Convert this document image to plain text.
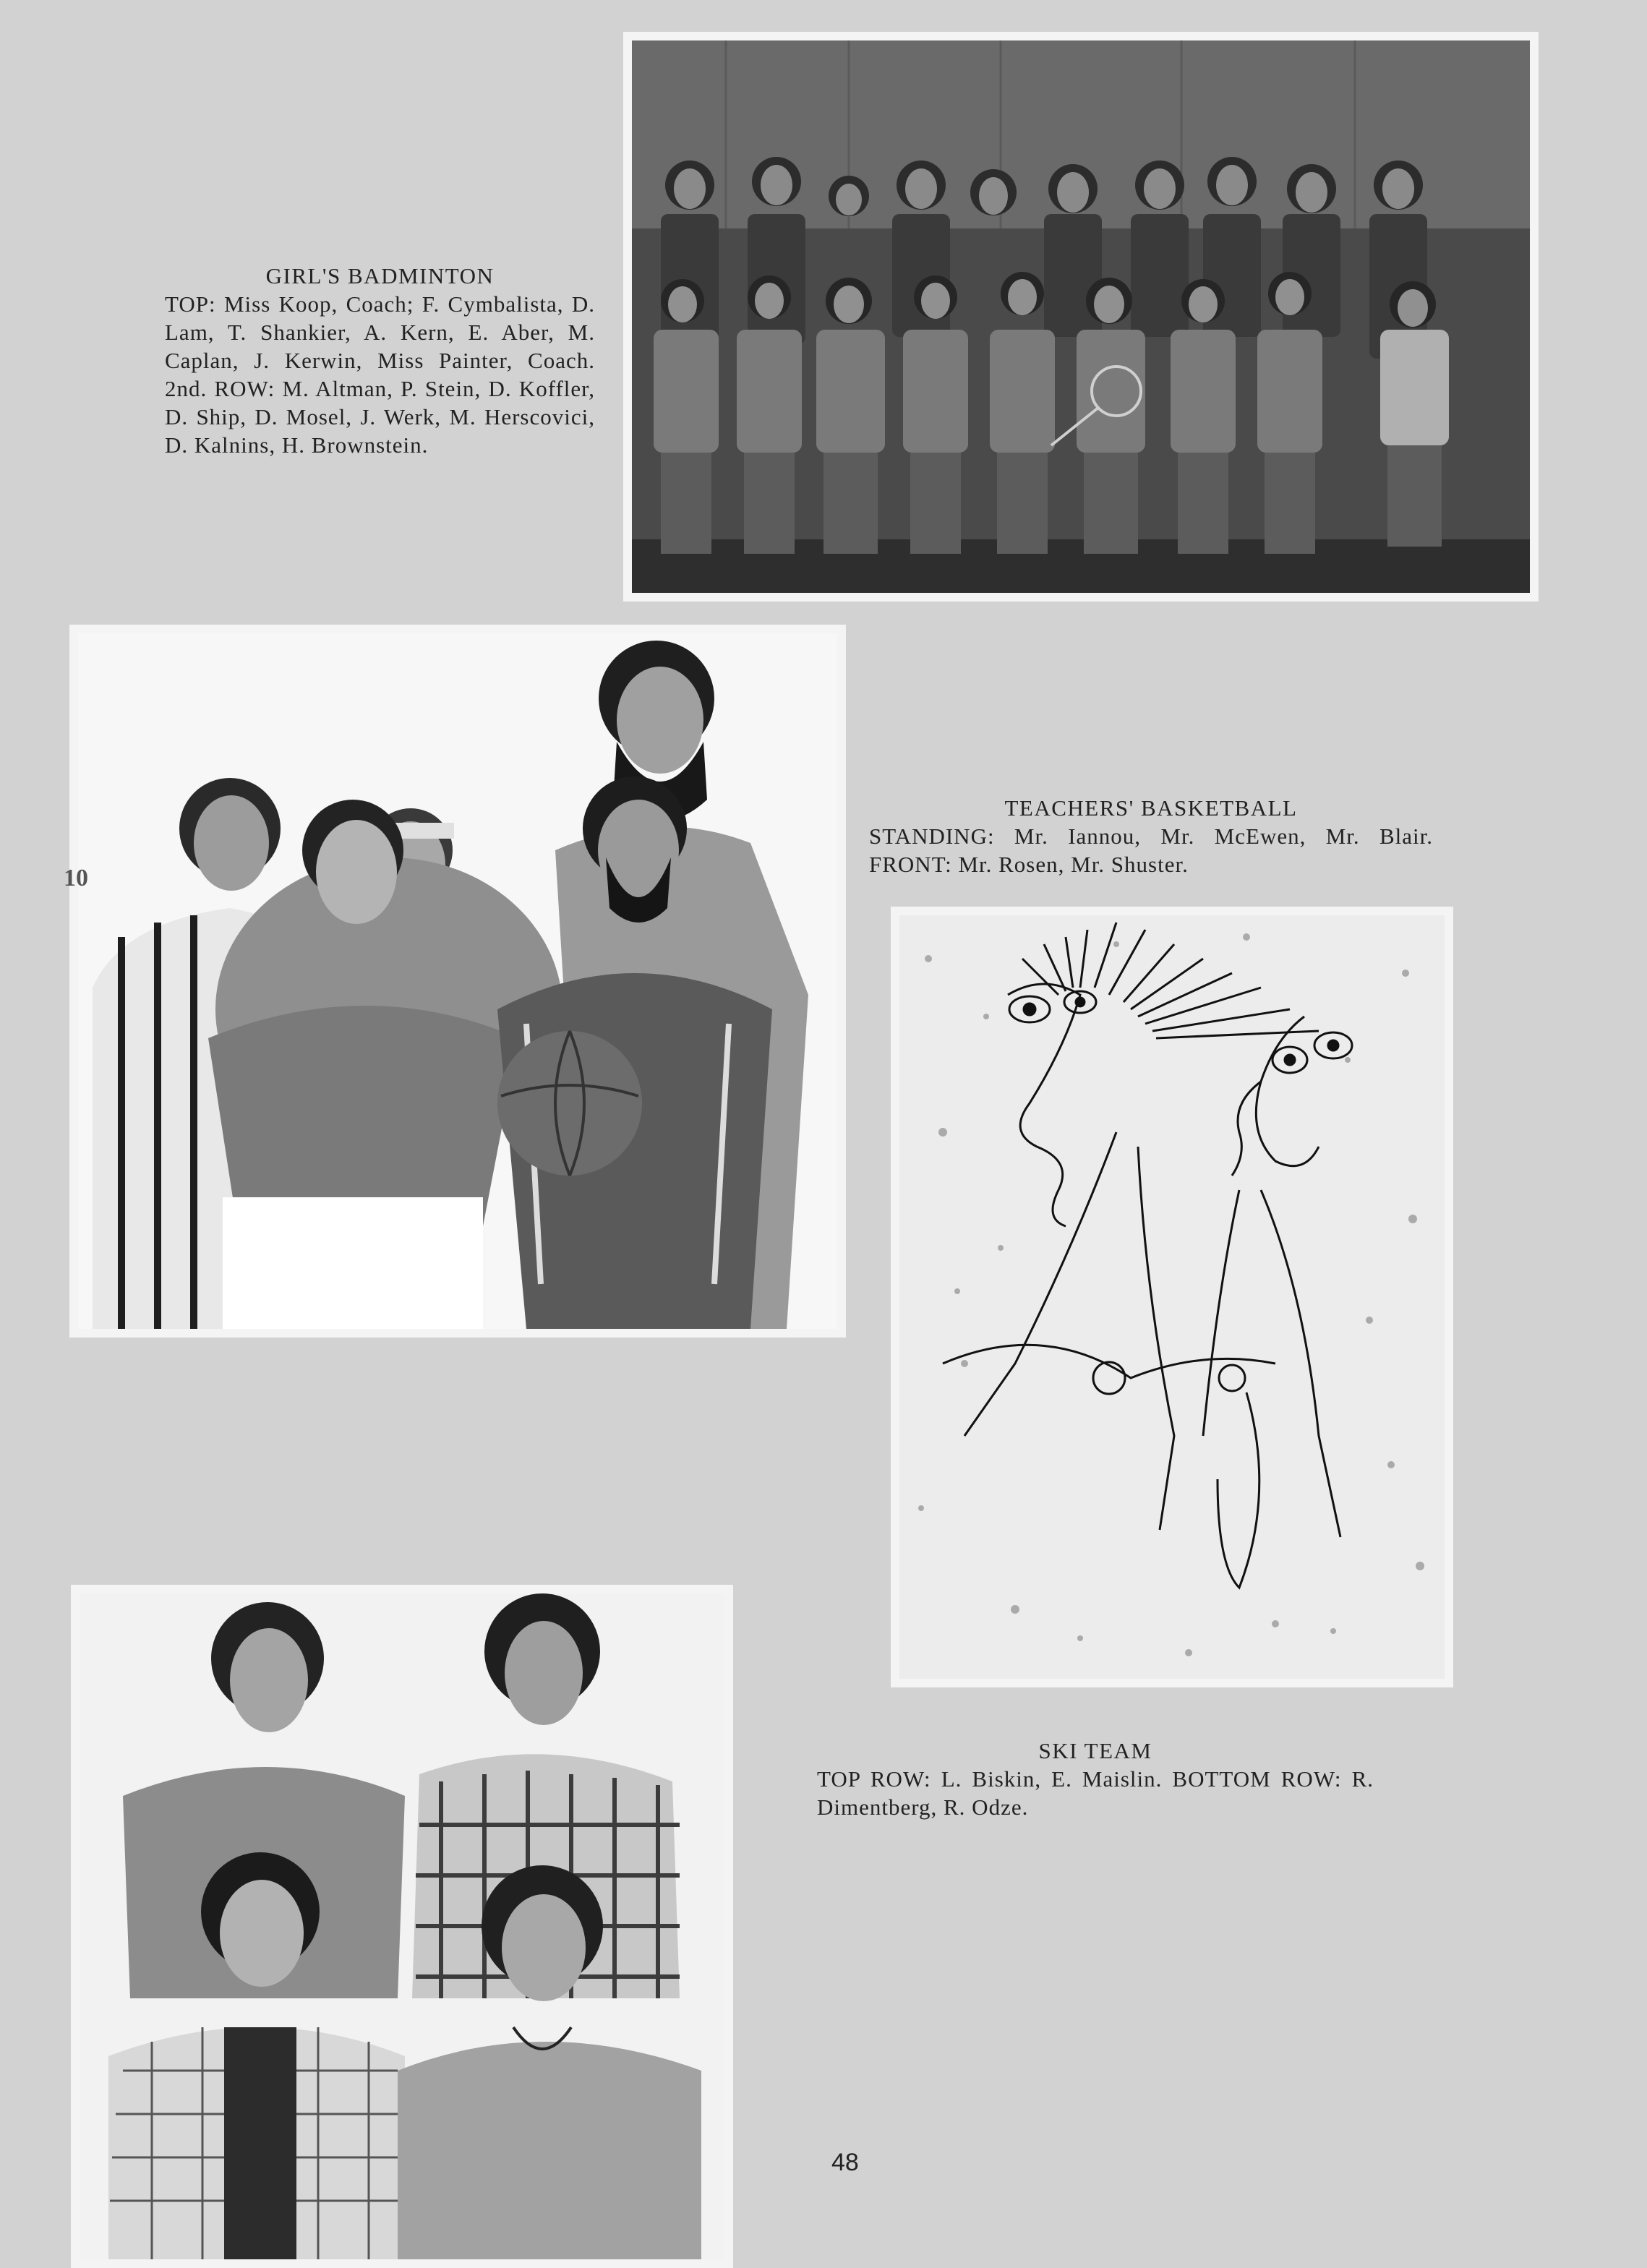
GIRL'S BADMINTON
TOP: Miss Koop, Coach; F. Cymbalista, D. Lam, T. Shankier, A. Kern, E. Aber, M. Caplan, J. Kerwin, Miss Painter, Coach. 2nd. ROW: M. Altman, P. Stein, D. Koffler, D. Ship, D. Mosel, J. Werk, M. Herscovici, D. Kalnins, H. Brownstein.
10
TEACHERS' BASKETBALL
STANDING: Mr. Iannou, Mr. McEwen, Mr. Blair. FRONT: Mr. Rosen, Mr. Shuster.
SKI TEAM
TOP ROW: L. Biskin, E. Maislin. BOTTOM ROW: R. Dimentberg, R. Odze.
48
